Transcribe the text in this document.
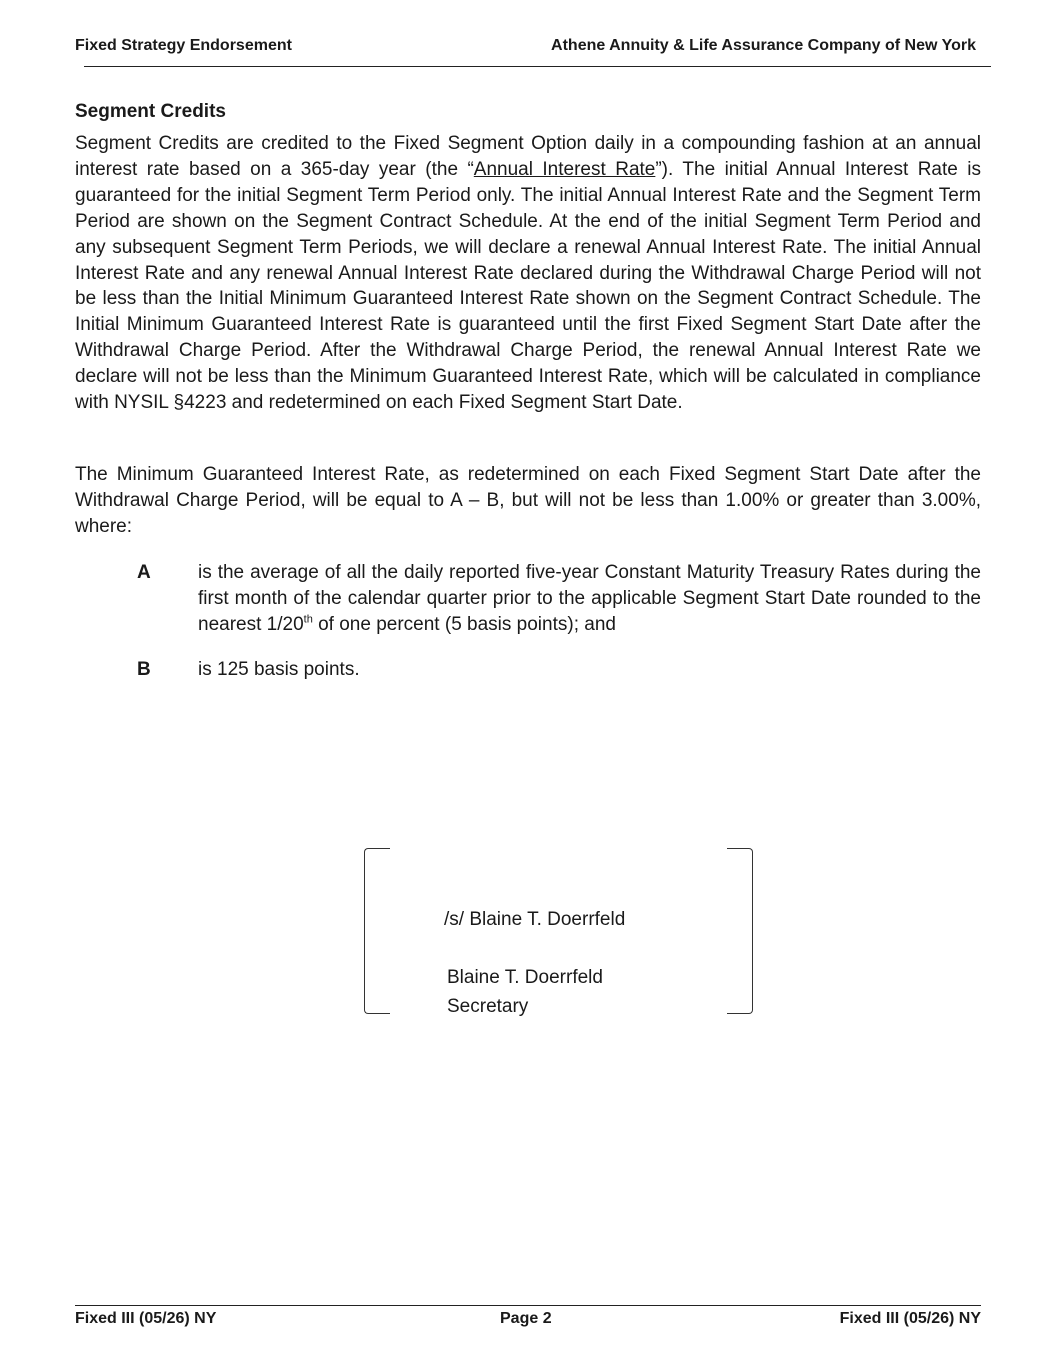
Fixed Strategy Endorsement	Athene Annuity & Life Assurance Company of New York
Segment Credits
Segment Credits are credited to the Fixed Segment Option daily in a compounding fashion at an annual interest rate based on a 365-day year (the “Annual Interest Rate”). The initial Annual Interest Rate is guaranteed for the initial Segment Term Period only. The initial Annual Interest Rate and the Segment Term Period are shown on the Segment Contract Schedule. At the end of the initial Segment Term Period and any subsequent Segment Term Periods, we will declare a renewal Annual Interest Rate. The initial Annual Interest Rate and any renewal Annual Interest Rate declared during the Withdrawal Charge Period will not be less than the Initial Minimum Guaranteed Interest Rate shown on the Segment Contract Schedule. The Initial Minimum Guaranteed Interest Rate is guaranteed until the first Fixed Segment Start Date after the Withdrawal Charge Period. After the Withdrawal Charge Period, the renewal Annual Interest Rate we declare will not be less than the Minimum Guaranteed Interest Rate, which will be calculated in compliance with NYSIL §4223 and redetermined on each Fixed Segment Start Date.
The Minimum Guaranteed Interest Rate, as redetermined on each Fixed Segment Start Date after the Withdrawal Charge Period, will be equal to A – B, but will not be less than 1.00% or greater than 3.00%, where:
A is the average of all the daily reported five-year Constant Maturity Treasury Rates during the first month of the calendar quarter prior to the applicable Segment Start Date rounded to the nearest 1/20th of one percent (5 basis points); and
B is 125 basis points.
/s/ Blaine T. Doerrfeld
Blaine T. Doerrfeld
Secretary
Fixed III (05/26) NY	Page 2	Fixed III (05/26) NY
